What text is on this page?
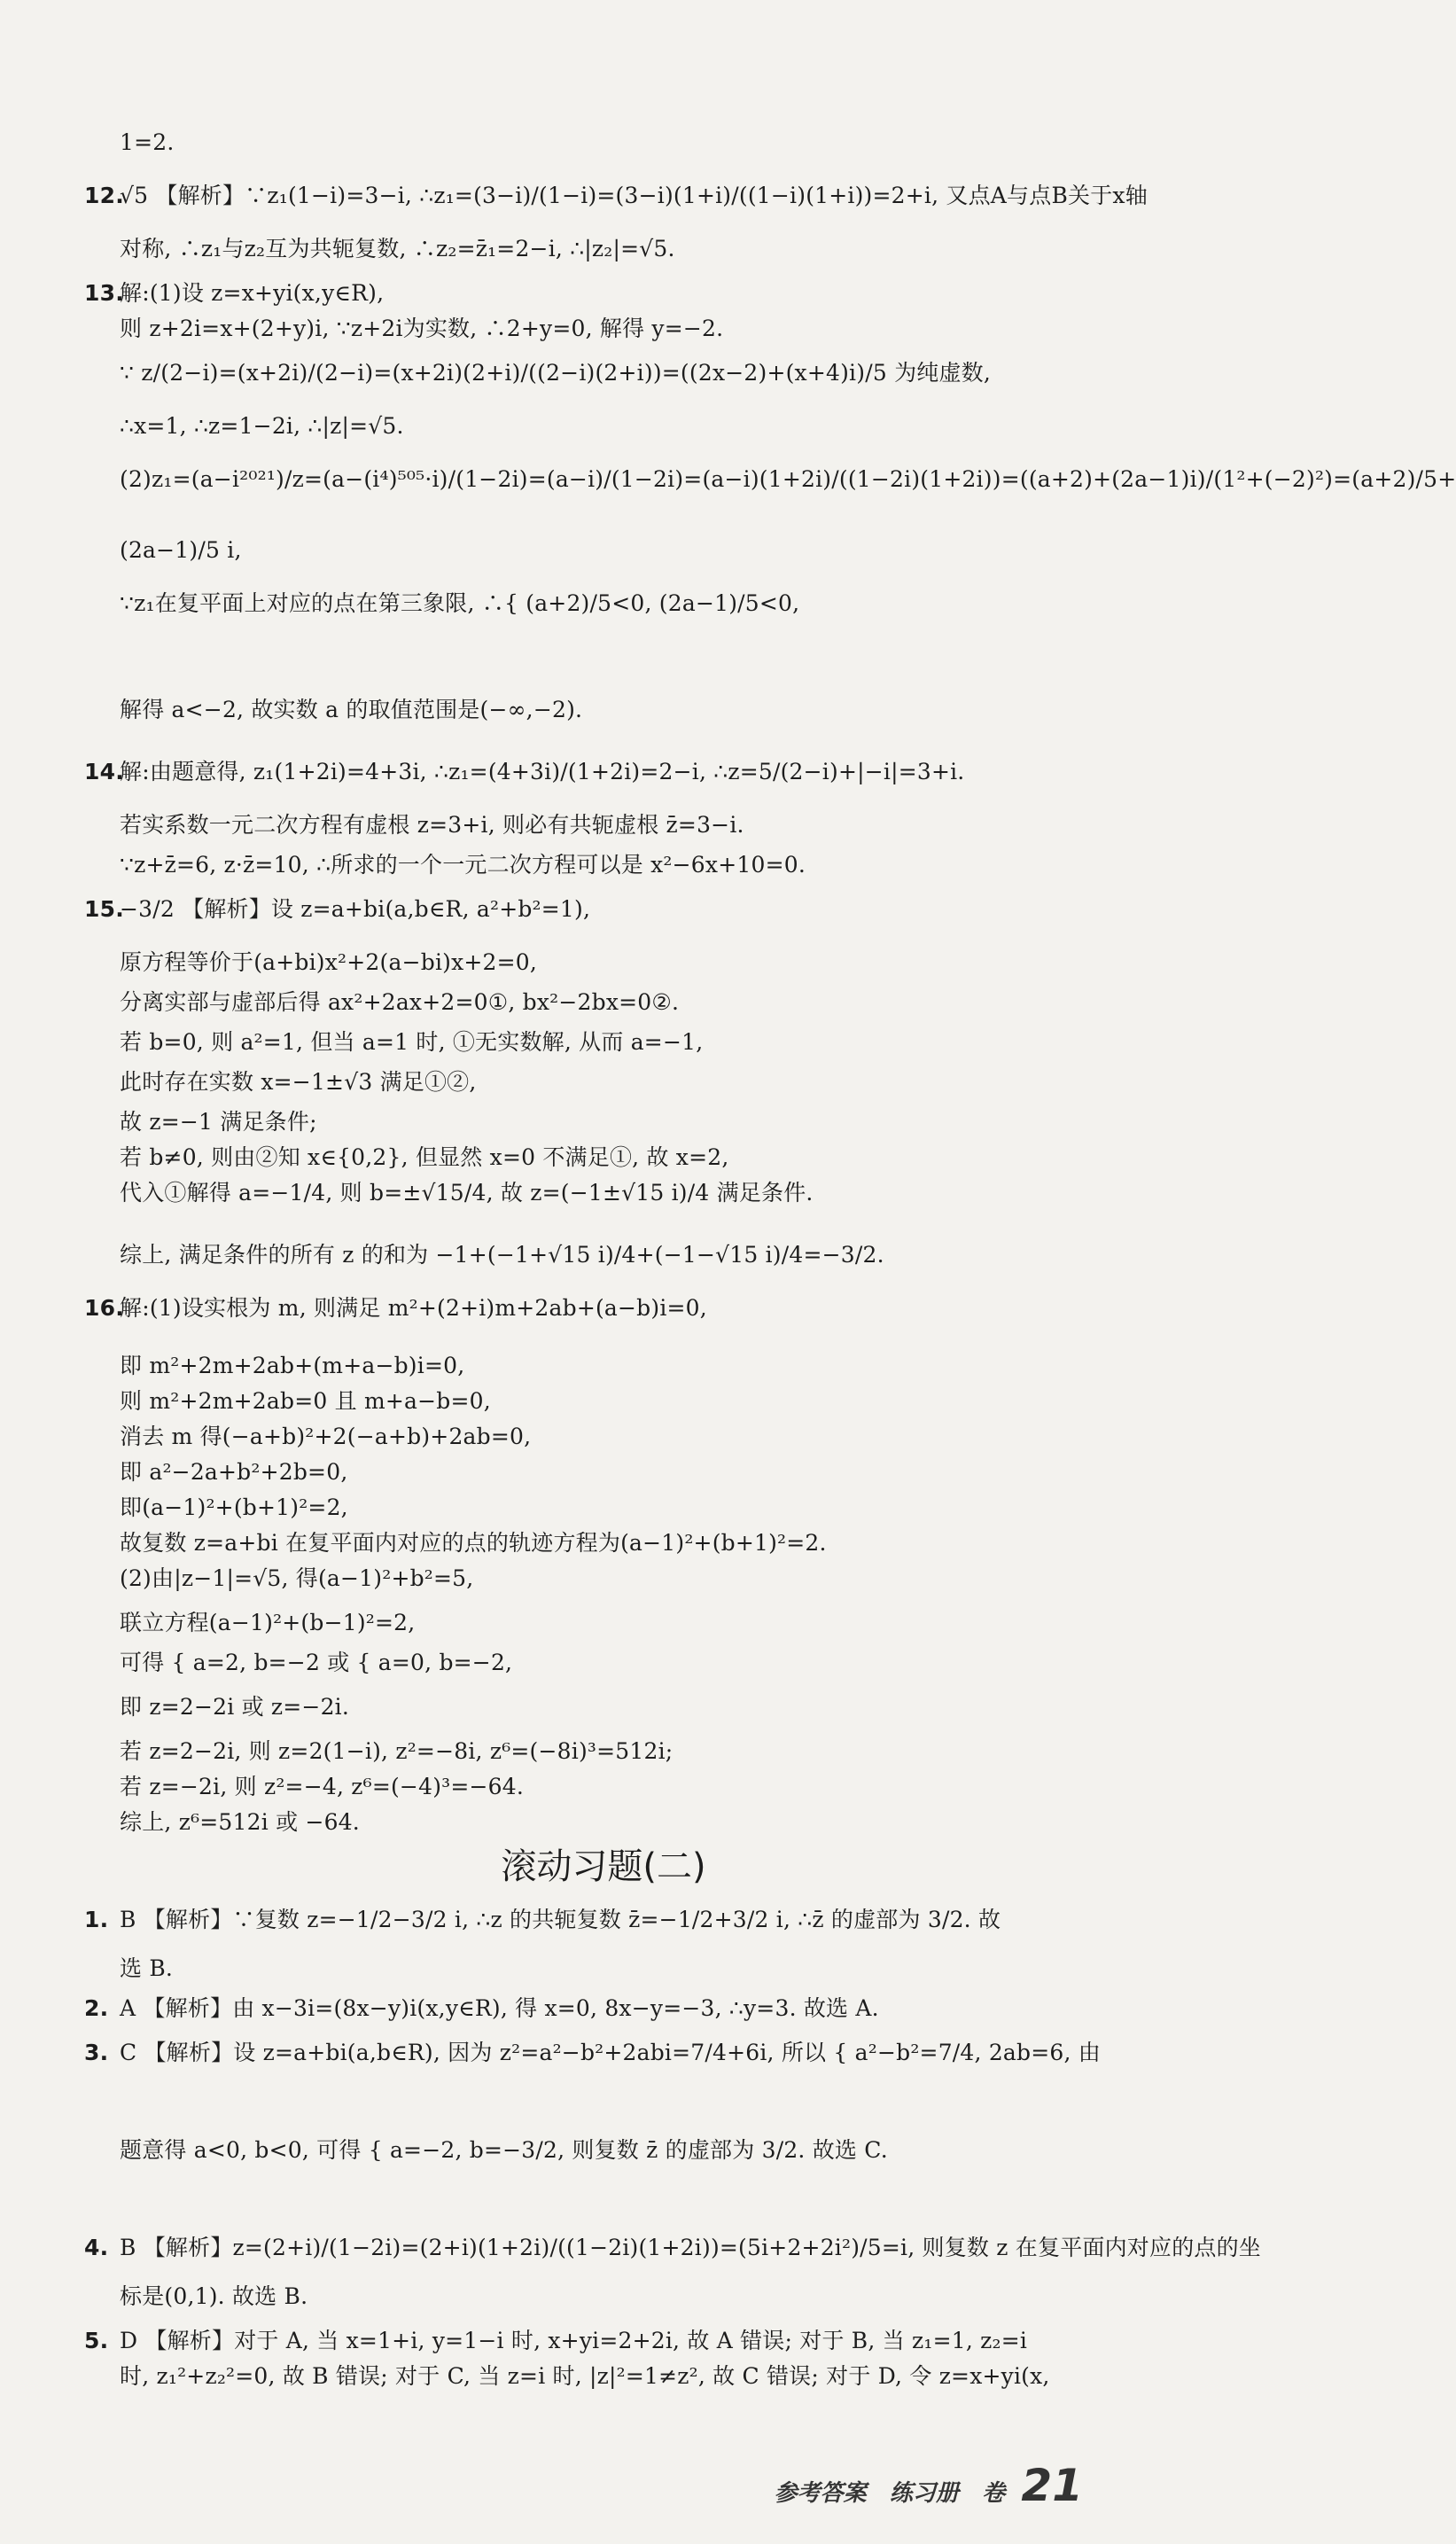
1=2.
12.√5 【解析】∵z₁(1−i)=3−i, ∴z₁=(3−i)/(1−i)=(3−i)(1+i)/((1−i)(1+i))=2+i, 又点A与点B关于x轴
对称, ∴z₁与z₂互为共轭复数, ∴z₂=z̄₁=2−i, ∴|z₂|=√5.
13.解:(1)设 z=x+yi(x,y∈R),
则 z+2i=x+(2+y)i, ∵z+2i为实数, ∴2+y=0, 解得 y=−2.
∵ z/(2−i)=(x+2i)/(2−i)=(x+2i)(2+i)/((2−i)(2+i))=((2x−2)+(x+4)i)/5 为纯虚数,
∴x=1, ∴z=1−2i, ∴|z|=√5.
(2)z₁=(a−i²⁰²¹)/z=(a−(i⁴)⁵⁰⁵·i)/(1−2i)=(a−i)/(1−2i)=(a−i)(1+2i)/((1−2i)(1+2i))=((a+2)+(2a−1)i)/(1²+(−2)²)=(a+2)/5+
(2a−1)/5 i,
∵z₁在复平面上对应的点在第三象限, ∴{ (a+2)/5<0, (2a−1)/5<0,
解得 a<−2, 故实数 a 的取值范围是(−∞,−2).
14.解:由题意得, z₁(1+2i)=4+3i, ∴z₁=(4+3i)/(1+2i)=2−i, ∴z=5/(2−i)+|−i|=3+i.
若实系数一元二次方程有虚根 z=3+i, 则必有共轭虚根 z̄=3−i.
∵z+z̄=6, z·z̄=10, ∴所求的一个一元二次方程可以是 x²−6x+10=0.
15.−3/2 【解析】设 z=a+bi(a,b∈R, a²+b²=1),
原方程等价于(a+bi)x²+2(a−bi)x+2=0,
分离实部与虚部后得 ax²+2ax+2=0①, bx²−2bx=0②.
若 b=0, 则 a²=1, 但当 a=1 时, ①无实数解, 从而 a=−1,
此时存在实数 x=−1±√3 满足①②,
故 z=−1 满足条件;
若 b≠0, 则由②知 x∈{0,2}, 但显然 x=0 不满足①, 故 x=2,
代入①解得 a=−1/4, 则 b=±√15/4, 故 z=(−1±√15 i)/4 满足条件.
综上, 满足条件的所有 z 的和为 −1+(−1+√15 i)/4+(−1−√15 i)/4=−3/2.
16.解:(1)设实根为 m, 则满足 m²+(2+i)m+2ab+(a−b)i=0,
即 m²+2m+2ab+(m+a−b)i=0,
则 m²+2m+2ab=0 且 m+a−b=0,
消去 m 得(−a+b)²+2(−a+b)+2ab=0,
即 a²−2a+b²+2b=0,
即(a−1)²+(b+1)²=2,
故复数 z=a+bi 在复平面内对应的点的轨迹方程为(a−1)²+(b+1)²=2.
(2)由|z−1|=√5, 得(a−1)²+b²=5,
联立方程(a−1)²+(b−1)²=2,
可得 { a=2, b=−2 或 { a=0, b=−2,
即 z=2−2i 或 z=−2i.
若 z=2−2i, 则 z=2(1−i), z²=−8i, z⁶=(−8i)³=512i;
若 z=−2i, 则 z²=−4, z⁶=(−4)³=−64.
综上, z⁶=512i 或 −64.
1. B 【解析】∵复数 z=−1/2−3/2 i, ∴z 的共轭复数 z̄=−1/2+3/2 i, ∴z̄ 的虚部为 3/2. 故
选 B.
2. A 【解析】由 x−3i=(8x−y)i(x,y∈R), 得 x=0, 8x−y=−3, ∴y=3. 故选 A.
3. C 【解析】设 z=a+bi(a,b∈R), 因为 z²=a²−b²+2abi=7/4+6i, 所以 { a²−b²=7/4, 2ab=6, 由
题意得 a<0, b<0, 可得 { a=−2, b=−3/2, 则复数 z̄ 的虚部为 3/2. 故选 C.
4. B 【解析】z=(2+i)/(1−2i)=(2+i)(1+2i)/((1−2i)(1+2i))=(5i+2+2i²)/5=i, 则复数 z 在复平面内对应的点的坐
标是(0,1). 故选 B.
5. D 【解析】对于 A, 当 x=1+i, y=1−i 时, x+yi=2+2i, 故 A 错误; 对于 B, 当 z₁=1, z₂=i
时, z₁²+z₂²=0, 故 B 错误; 对于 C, 当 z=i 时, |z|²=1≠z², 故 C 错误; 对于 D, 令 z=x+yi(x,
滚动习题(二)
参考答案 练习册 卷 21
